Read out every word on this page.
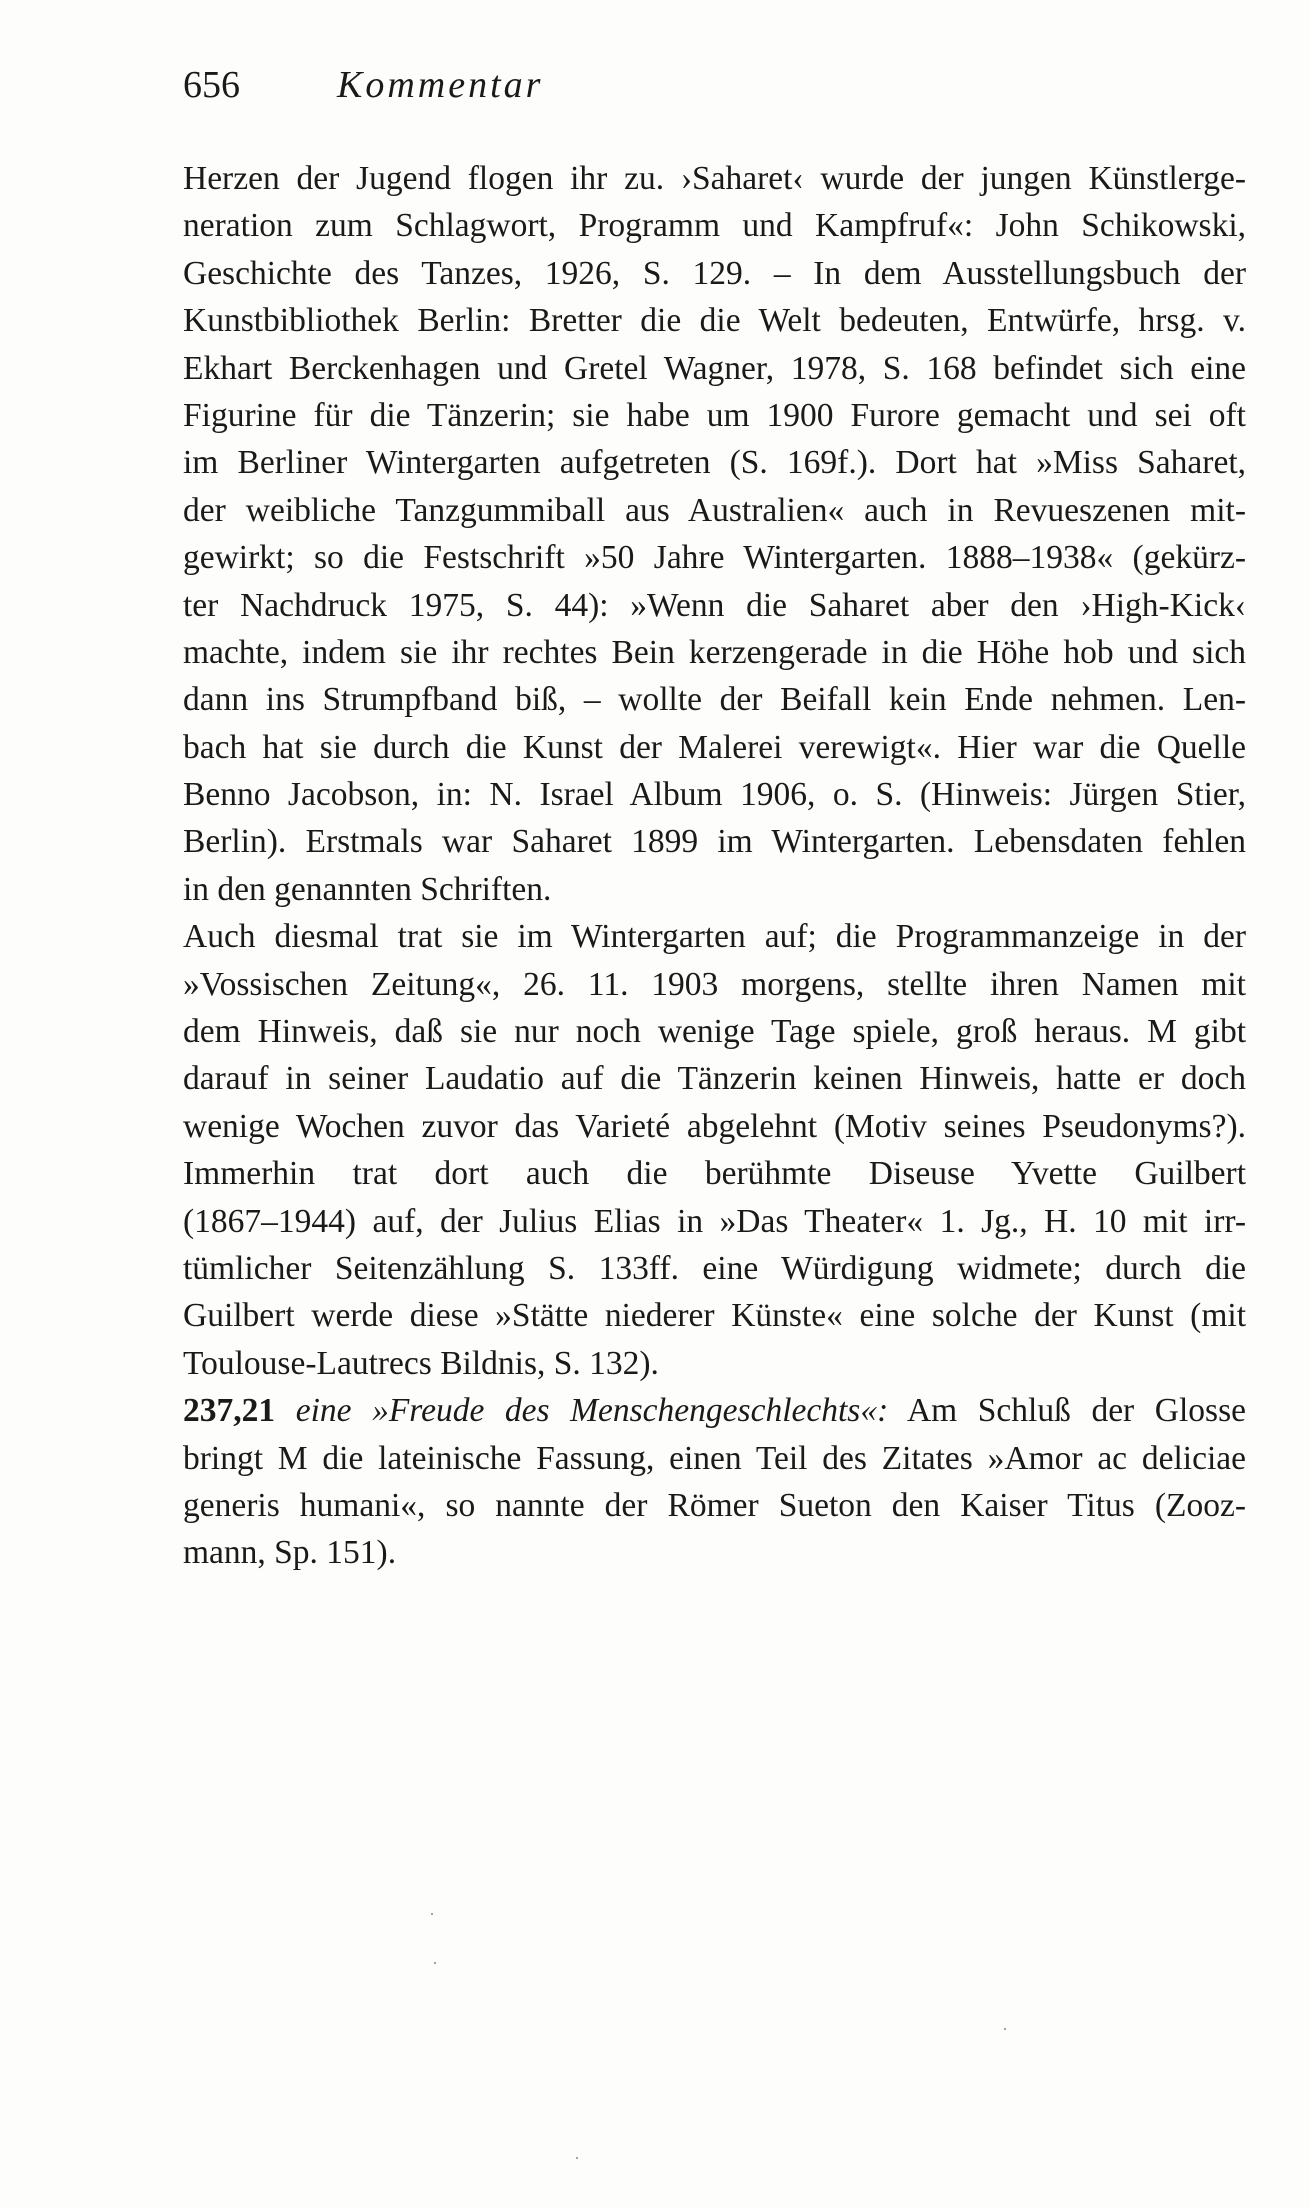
656	Kommentar
Herzen der Jugend flogen ihr zu. ›Saharet‹ wurde der jungen Künstlerge-
neration zum Schlagwort, Programm und Kampfruf«: John Schikowski,
Geschichte des Tanzes, 1926, S. 129. – In dem Ausstellungsbuch der
Kunstbibliothek Berlin: Bretter die die Welt bedeuten, Entwürfe, hrsg. v.
Ekhart Berckenhagen und Gretel Wagner, 1978, S. 168 befindet sich eine
Figurine für die Tänzerin; sie habe um 1900 Furore gemacht und sei oft
im Berliner Wintergarten aufgetreten (S. 169f.). Dort hat »Miss Saharet,
der weibliche Tanzgummiball aus Australien« auch in Revueszenen mit-
gewirkt; so die Festschrift »50 Jahre Wintergarten. 1888–1938« (gekürz-
ter Nachdruck 1975, S. 44): »Wenn die Saharet aber den ›High-Kick‹
machte, indem sie ihr rechtes Bein kerzengerade in die Höhe hob und sich
dann ins Strumpfband biß, – wollte der Beifall kein Ende nehmen. Len-
bach hat sie durch die Kunst der Malerei verewigt«. Hier war die Quelle
Benno Jacobson, in: N. Israel Album 1906, o. S. (Hinweis: Jürgen Stier,
Berlin). Erstmals war Saharet 1899 im Wintergarten. Lebensdaten fehlen
in den genannten Schriften.
Auch diesmal trat sie im Wintergarten auf; die Programmanzeige in der
»Vossischen Zeitung«, 26. 11. 1903 morgens, stellte ihren Namen mit
dem Hinweis, daß sie nur noch wenige Tage spiele, groß heraus. M gibt
darauf in seiner Laudatio auf die Tänzerin keinen Hinweis, hatte er doch
wenige Wochen zuvor das Varieté abgelehnt (Motiv seines Pseudonyms?).
Immerhin trat dort auch die berühmte Diseuse Yvette Guilbert
(1867–1944) auf, der Julius Elias in »Das Theater« 1. Jg., H. 10 mit irr-
tümlicher Seitenzählung S. 133ff. eine Würdigung widmete; durch die
Guilbert werde diese »Stätte niederer Künste« eine solche der Kunst (mit
Toulouse-Lautrecs Bildnis, S. 132).
237,21 eine »Freude des Menschengeschlechts«: Am Schluß der Glosse
bringt M die lateinische Fassung, einen Teil des Zitates »Amor ac deliciae
generis humani«, so nannte der Römer Sueton den Kaiser Titus (Zooz-
mann, Sp. 151).
